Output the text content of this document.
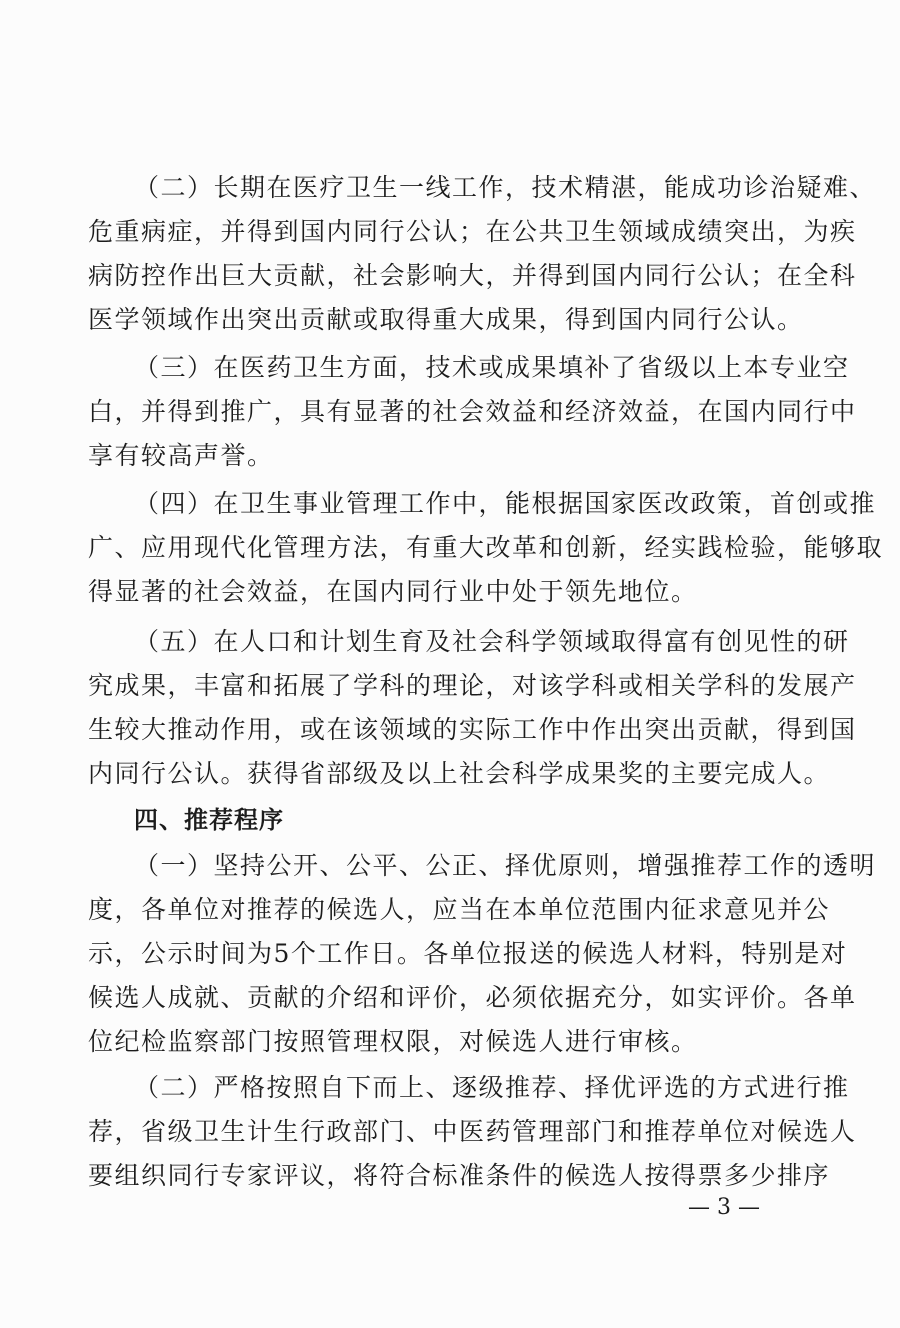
（二）长期在医疗卫生一线工作，技术精湛，能成功诊治疑难、
危重病症，并得到国内同行公认；在公共卫生领域成绩突出，为疾
病防控作出巨大贡献，社会影响大，并得到国内同行公认；在全科
医学领域作出突出贡献或取得重大成果，得到国内同行公认。
（三）在医药卫生方面，技术或成果填补了省级以上本专业空
白，并得到推广，具有显著的社会效益和经济效益，在国内同行中
享有较高声誉。
（四）在卫生事业管理工作中，能根据国家医改政策，首创或推
广、应用现代化管理方法，有重大改革和创新，经实践检验，能够取
得显著的社会效益，在国内同行业中处于领先地位。
（五）在人口和计划生育及社会科学领域取得富有创见性的研
究成果，丰富和拓展了学科的理论，对该学科或相关学科的发展产
生较大推动作用，或在该领域的实际工作中作出突出贡献，得到国
内同行公认。获得省部级及以上社会科学成果奖的主要完成人。
四、推荐程序
（一）坚持公开、公平、公正、择优原则，增强推荐工作的透明
度，各单位对推荐的候选人，应当在本单位范围内征求意见并公
示，公示时间为5个工作日。各单位报送的候选人材料，特别是对
候选人成就、贡献的介绍和评价，必须依据充分，如实评价。各单
位纪检监察部门按照管理权限，对候选人进行审核。
（二）严格按照自下而上、逐级推荐、择优评选的方式进行推
荐，省级卫生计生行政部门、中医药管理部门和推荐单位对候选人
要组织同行专家评议，将符合标准条件的候选人按得票多少排序
— 3 —
